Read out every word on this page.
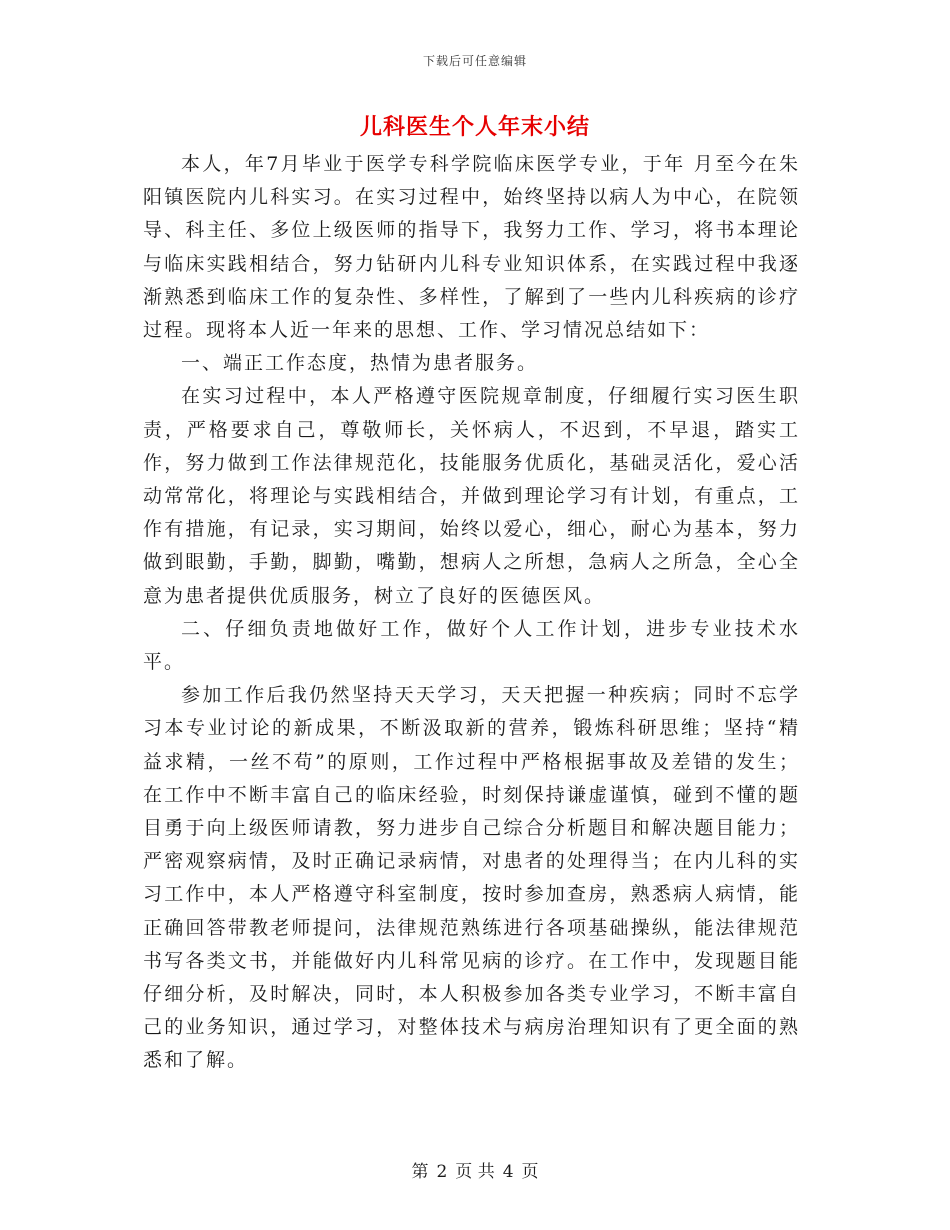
下载后可任意编辑
儿科医生个人年末小结

本人，年7月毕业于医学专科学院临床医学专业，于年 月至今在朱阳镇医院内儿科实习。在实习过程中，始终坚持以病人为中心，在院领导、科主任、多位上级医师的指导下，我努力工作、学习，将书本理论与临床实践相结合，努力钻研内儿科专业知识体系，在实践过程中我逐渐熟悉到临床工作的复杂性、多样性，了解到了一些内儿科疾病的诊疗过程。现将本人近一年来的思想、工作、学习情况总结如下：

一、端正工作态度，热情为患者服务。

在实习过程中，本人严格遵守医院规章制度，仔细履行实习医生职责，严格要求自己，尊敬师长，关怀病人，不迟到，不早退，踏实工作，努力做到工作法律规范化，技能服务优质化，基础灵活化，爱心活动常常化，将理论与实践相结合，并做到理论学习有计划，有重点，工作有措施，有记录，实习期间，始终以爱心，细心，耐心为基本，努力做到眼勤，手勤，脚勤，嘴勤，想病人之所想，急病人之所急，全心全意为患者提供优质服务，树立了良好的医德医风。

二、仔细负责地做好工作，做好个人工作计划，进步专业技术水平。

参加工作后我仍然坚持天天学习，天天把握一种疾病；同时不忘学习本专业讨论的新成果，不断汲取新的营养，锻炼科研思维；坚持“精益求精，一丝不苟”的原则，工作过程中严格根据事故及差错的发生；在工作中不断丰富自己的临床经验，时刻保持谦虚谨慎，碰到不懂的题目勇于向上级医师请教，努力进步自己综合分析题目和解决题目能力；严密观察病情，及时正确记录病情，对患者的处理得当；在内儿科的实习工作中，本人严格遵守科室制度，按时参加查房，熟悉病人病情，能正确回答带教老师提问，法律规范熟练进行各项基础操纵，能法律规范书写各类文书，并能做好内儿科常见病的诊疗。在工作中，发现题目能仔细分析，及时解决，同时，本人积极参加各类专业学习，不断丰富自己的业务知识，通过学习，对整体技术与病房治理知识有了更全面的熟悉和了解。

第 2 页 共 4 页
